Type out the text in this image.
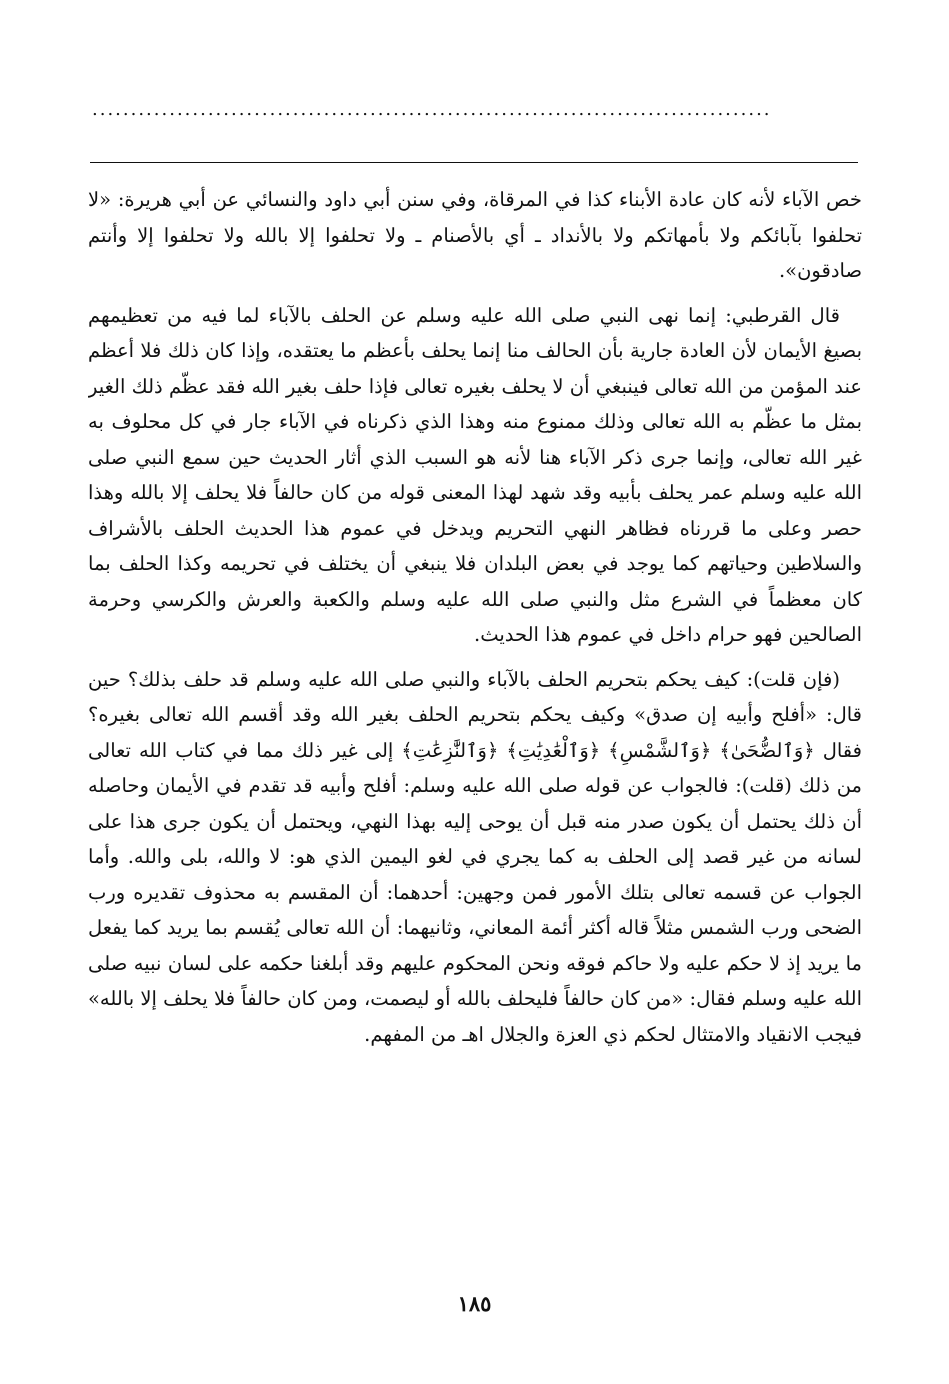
........................................................................................

خص الآباء لأنه كان عادة الأبناء كذا في المرقاة، وفي سنن أبي داود والنسائي عن أبي هريرة: «لا تحلفوا بآبائكم ولا بأمهاتكم ولا بالأنداد ـ أي بالأصنام ـ ولا تحلفوا إلا بالله ولا تحلفوا إلا وأنتم صادقون».

قال القرطبي: إنما نهى النبي صلى الله عليه وسلم عن الحلف بالآباء لما فيه من تعظيمهم بصيغ الأيمان لأن العادة جارية بأن الحالف منا إنما يحلف بأعظم ما يعتقده، وإذا كان ذلك فلا أعظم عند المؤمن من الله تعالى فينبغي أن لا يحلف بغيره تعالى فإذا حلف بغير الله فقد عظّم ذلك الغير بمثل ما عظّم به الله تعالى وذلك ممنوع منه وهذا الذي ذكرناه في الآباء جار في كل محلوف به غير الله تعالى، وإنما جرى ذكر الآباء هنا لأنه هو السبب الذي أثار الحديث حين سمع النبي صلى الله عليه وسلم عمر يحلف بأبيه وقد شهد لهذا المعنى قوله من كان حالفاً فلا يحلف إلا بالله وهذا حصر وعلى ما قررناه فظاهر النهي التحريم ويدخل في عموم هذا الحديث الحلف بالأشراف والسلاطين وحياتهم كما يوجد في بعض البلدان فلا ينبغي أن يختلف في تحريمه وكذا الحلف بما كان معظماً في الشرع مثل والنبي صلى الله عليه وسلم والكعبة والعرش والكرسي وحرمة الصالحين فهو حرام داخل في عموم هذا الحديث.

(فإن قلت): كيف يحكم بتحريم الحلف بالآباء والنبي صلى الله عليه وسلم قد حلف بذلك؟ حين قال: «أفلح وأبيه إن صدق» وكيف يحكم بتحريم الحلف بغير الله وقد أقسم الله تعالى بغيره؟ فقال ﴿وَٱلضُّحَىٰ﴾ ﴿وَٱلشَّمْسِ﴾ ﴿وَٱلْعَٰدِيَٰتِ﴾ ﴿وَٱلنَّٰزِعَٰتِ﴾ إلى غير ذلك مما في كتاب الله تعالى من ذلك (قلت): فالجواب عن قوله صلى الله عليه وسلم: أفلح وأبيه قد تقدم في الأيمان وحاصله أن ذلك يحتمل أن يكون صدر منه قبل أن يوحى إليه بهذا النهي، ويحتمل أن يكون جرى هذا على لسانه من غير قصد إلى الحلف به كما يجري في لغو اليمين الذي هو: لا والله، بلى والله. وأما الجواب عن قسمه تعالى بتلك الأمور فمن وجهين: أحدهما: أن المقسم به محذوف تقديره ورب الضحى ورب الشمس مثلاً قاله أكثر أئمة المعاني، وثانيهما: أن الله تعالى يُقسم بما يريد كما يفعل ما يريد إذ لا حكم عليه ولا حاكم فوقه ونحن المحكوم عليهم وقد أبلغنا حكمه على لسان نبيه صلى الله عليه وسلم فقال: «من كان حالفاً فليحلف بالله أو ليصمت، ومن كان حالفاً فلا يحلف إلا بالله» فيجب الانقياد والامتثال لحكم ذي العزة والجلال اهـ من المفهم.

١٨٥
